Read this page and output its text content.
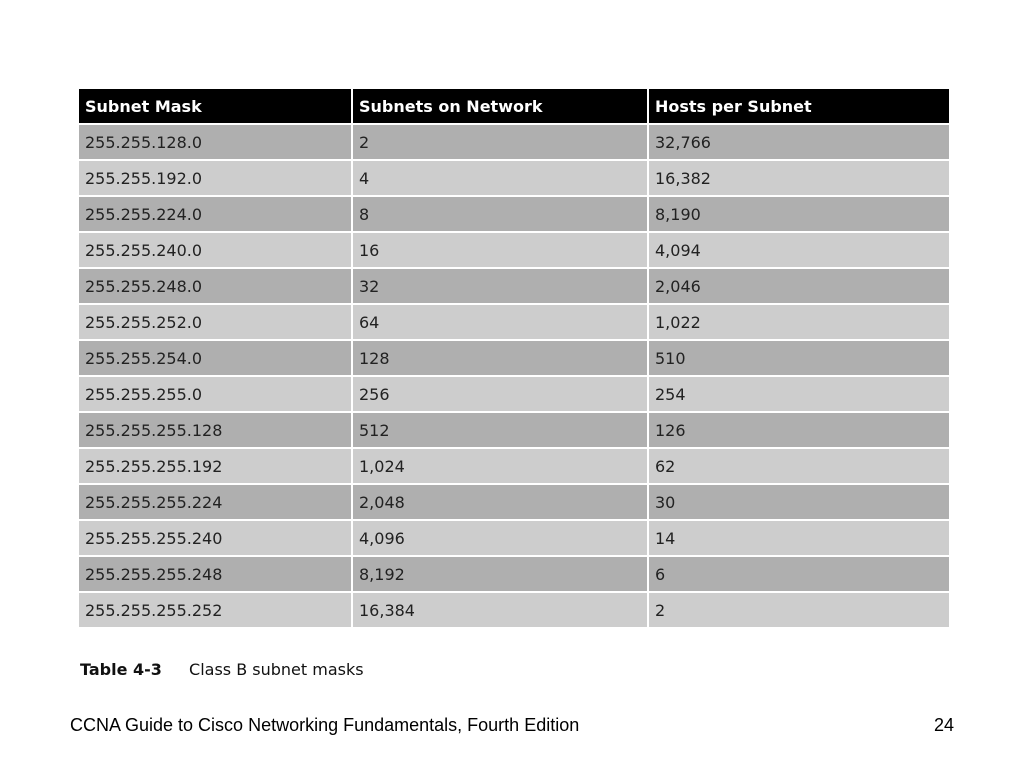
Subnet Mask	Subnets on Network	Hosts per Subnet
255.255.128.0	2	32,766
255.255.192.0	4	16,382
255.255.224.0	8	8,190
255.255.240.0	16	4,094
255.255.248.0	32	2,046
255.255.252.0	64	1,022
255.255.254.0	128	510
255.255.255.0	256	254
255.255.255.128	512	126
255.255.255.192	1,024	62
255.255.255.224	2,048	30
255.255.255.240	4,096	14
255.255.255.248	8,192	6
255.255.255.252	16,384	2
Table 4-3 Class B subnet masks
CCNA Guide to Cisco Networking Fundamentals, Fourth Edition	24
